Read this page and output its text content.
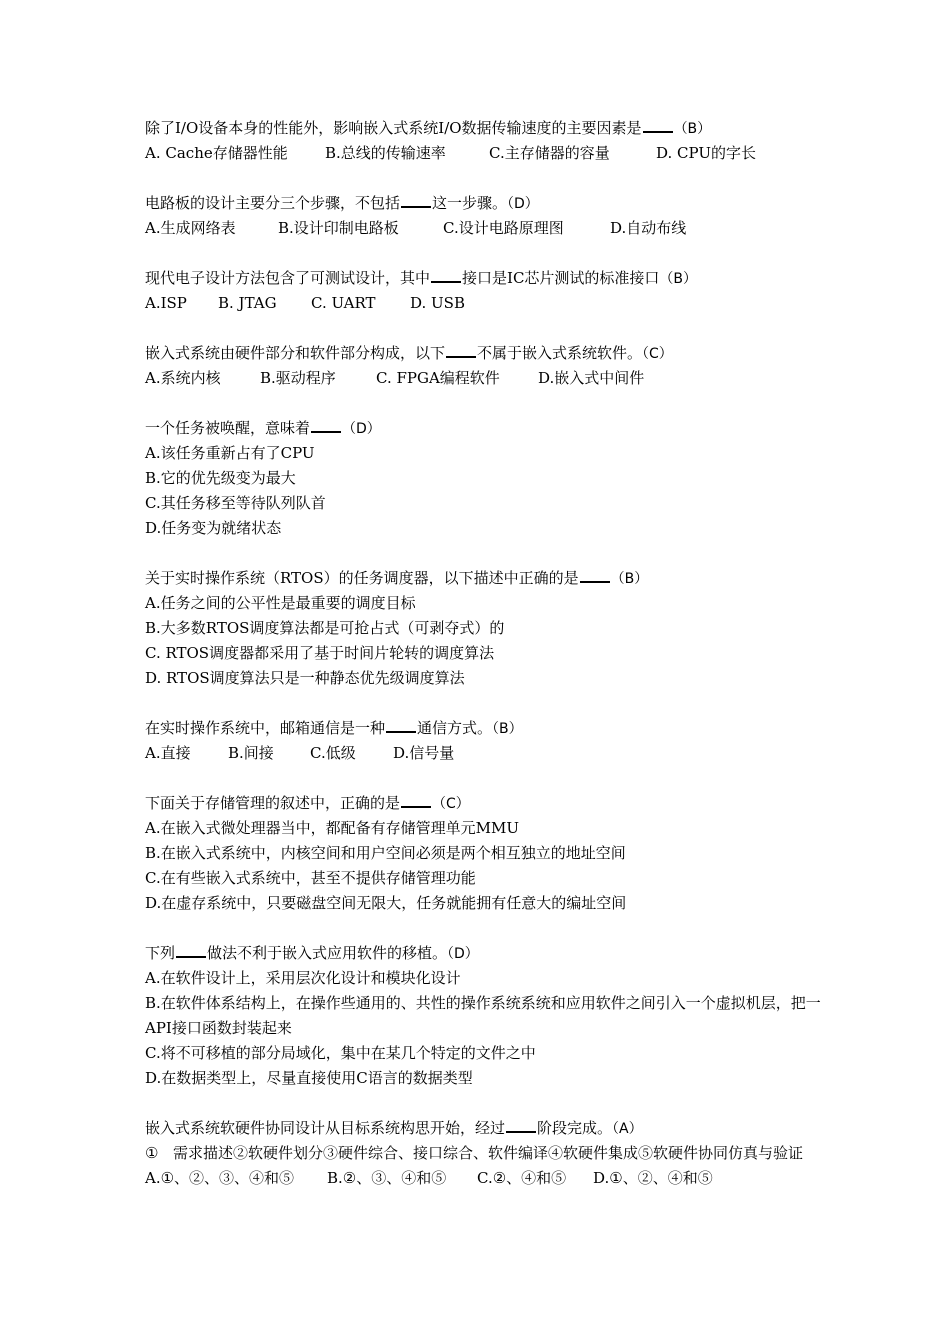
除了I/O设备本身的性能外，影响嵌入式系统I/O数据传输速度的主要因素是 （B）
A. Cache存储器性能 B.总线的传输速率	C.主存储器的容量	D. CPU的字长
电路板的设计主要分三个步骤，不包括 这一步骤。（D）
A.生成网络表	B.设计印制电路板	C.设计电路原理图	D.自动布线
现代电子设计方法包含了可测试设计，其中 接口是IC芯片测试的标准接口（B）
A.ISP B. JTAG C. UART D. USB
嵌入式系统由硬件部分和软件部分构成，以下 不属于嵌入式系统软件。（C）
A.系统内核	B.驱动程序	C. FPGA编程软件	D.嵌入式中间件
一个任务被唤醒，意味着 （D）
A.该任务重新占有了CPU
B.它的优先级变为最大
C.其任务移至等待队列队首
D.任务变为就绪状态
关于实时操作系统（RTOS）的任务调度器，以下描述中正确的是 （B）
A.任务之间的公平性是最重要的调度目标
B.大多数RTOS调度算法都是可抢占式（可剥夺式）的
C. RTOS调度器都采用了基于时间片轮转的调度算法
D. RTOS调度算法只是一种静态优先级调度算法
在实时操作系统中，邮箱通信是一种 通信方式。（B）
A.直接 B.间接 C.低级 D.信号量
下面关于存储管理的叙述中，正确的是 （C）
A.在嵌入式微处理器当中，都配备有存储管理单元MMU
B.在嵌入式系统中，内核空间和用户空间必须是两个相互独立的地址空间
C.在有些嵌入式系统中，甚至不提供存储管理功能
D.在虚存系统中，只要磁盘空间无限大，任务就能拥有任意大的编址空间
下列 做法不利于嵌入式应用软件的移植。（D）
A.在软件设计上，采用层次化设计和模块化设计
B.在软件体系结构上，在操作些通用的、共性的操作系统系统和应用软件之间引入一个虚拟机层，把一API接口函数封装起来
C.将不可移植的部分局域化，集中在某几个特定的文件之中
D.在数据类型上，尽量直接使用C语言的数据类型
嵌入式系统软硬件协同设计从目标系统构思开始，经过 阶段完成。（A）
① 需求描述②软硬件划分③硬件综合、接口综合、软件编译④软硬件集成⑤软硬件协同仿真与验证
A.①、②、③、④和⑤ B.②、③、④和⑤ C.②、④和⑤ D.①、②、④和⑤
